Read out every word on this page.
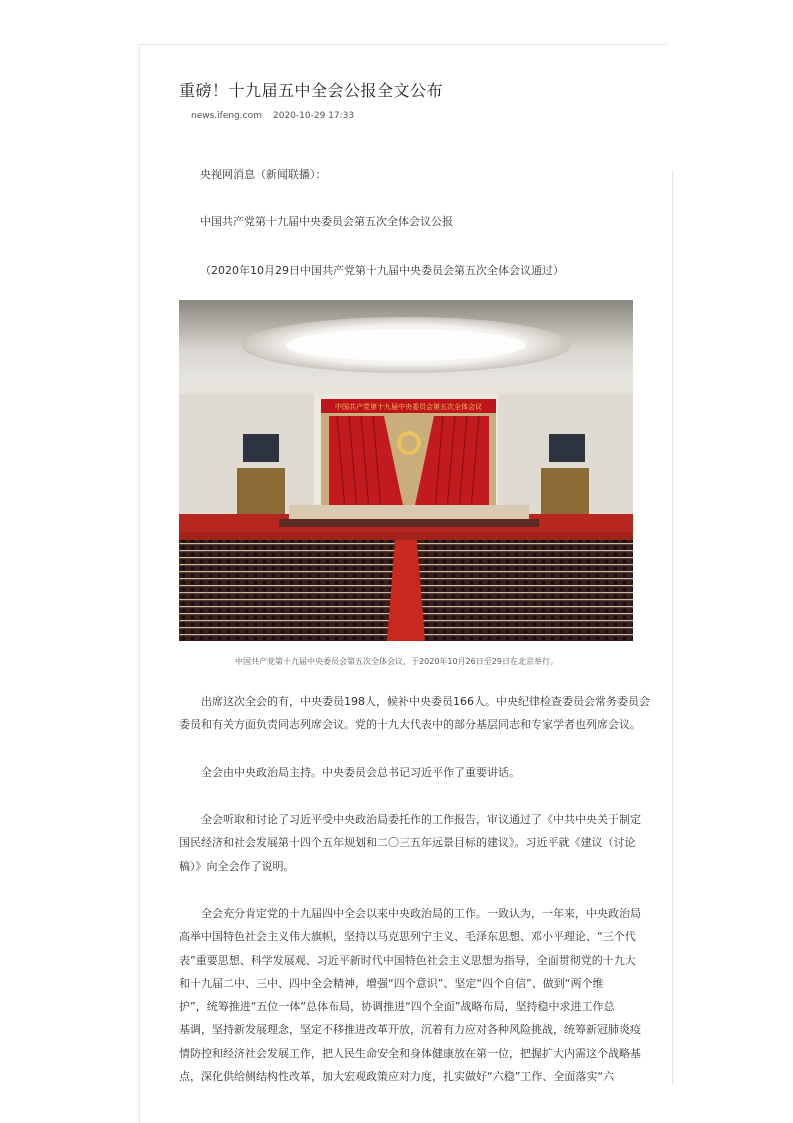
重磅！十九届五中全会公报全文公布
news.ifeng.com 2020-10-29 17:33
央视网消息（新闻联播）：
中国共产党第十九届中央委员会第五次全体会议公报
（2020年10月29日中国共产党第十九届中央委员会第五次全体会议通过）
中国共产党第十九届中央委员会第五次全体会议
中国共产党第十九届中央委员会第五次全体会议，于2020年10月26日至29日在北京举行。
出席这次全会的有，中央委员198人，候补中央委员166人。中央纪律检查委员会常务委员会
委员和有关方面负责同志列席会议。党的十九大代表中的部分基层同志和专家学者也列席会议。
全会由中央政治局主持。中央委员会总书记习近平作了重要讲话。
全会听取和讨论了习近平受中央政治局委托作的工作报告，审议通过了《中共中央关于制定
国民经济和社会发展第十四个五年规划和二〇三五年远景目标的建议》。习近平就《建议（讨论
稿）》向全会作了说明。
全会充分肯定党的十九届四中全会以来中央政治局的工作。一致认为，一年来，中央政治局
高举中国特色社会主义伟大旗帜，坚持以马克思列宁主义、毛泽东思想、邓小平理论、“三个代
表”重要思想、科学发展观、习近平新时代中国特色社会主义思想为指导，全面贯彻党的十九大
和十九届二中、三中、四中全会精神，增强“四个意识”、坚定“四个自信”、做到“两个维
护”，统筹推进“五位一体”总体布局，协调推进“四个全面”战略布局，坚持稳中求进工作总
基调，坚持新发展理念，坚定不移推进改革开放，沉着有力应对各种风险挑战，统筹新冠肺炎疫
情防控和经济社会发展工作，把人民生命安全和身体健康放在第一位，把握扩大内需这个战略基
点，深化供给侧结构性改革，加大宏观政策应对力度，扎实做好“六稳”工作、全面落实“六
